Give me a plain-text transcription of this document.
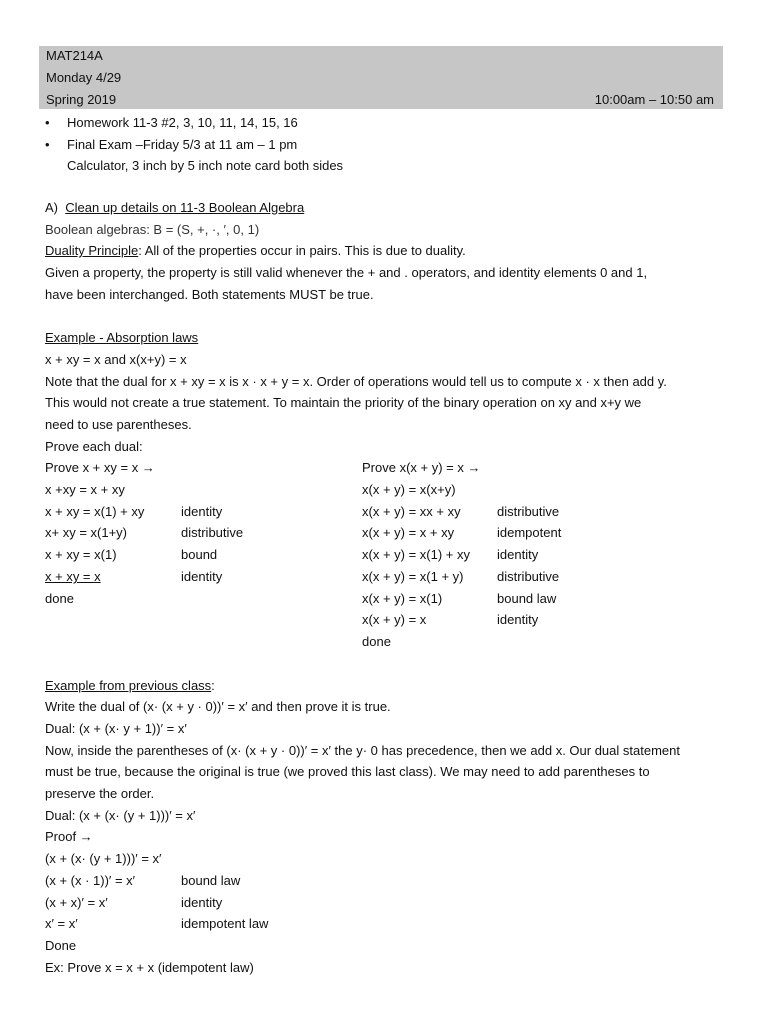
MAT214A
Monday 4/29
Spring 2019	10:00am – 10:50 am
• Homework 11-3 #2, 3, 10, 11, 14, 15, 16
• Final Exam –Friday 5/3 at 11 am – 1 pm
Calculator, 3 inch by 5 inch note card both sides
A) Clean up details on 11-3 Boolean Algebra
Boolean algebras: B = (S, +, ·, ′, 0, 1)
Duality Principle: All of the properties occur in pairs. This is due to duality.
Given a property, the property is still valid whenever the + and . operators, and identity elements 0 and 1,
have been interchanged. Both statements MUST be true.
Example - Absorption laws
x + xy = x and x(x+y) = x
Note that the dual for x + xy = x is x · x + y = x. Order of operations would tell us to compute x · x then add y.
This would not create a true statement. To maintain the priority of the binary operation on xy and x+y we
need to use parentheses.
Prove each dual:
Prove x + xy = x →
x +xy = x + xy
x + xy = x(1) + xy	identity
x+ xy = x(1+y)	distributive
x + xy = x(1)	bound
x + xy = x	identity
done
Prove x(x + y) = x →
x(x + y) = x(x+y)
x(x + y) = xx + xy	distributive
x(x + y) = x + xy	idempotent
x(x + y) = x(1) + xy identity
x(x + y) = x(1 + y)	distributive
x(x + y) = x(1)	bound law
x(x + y) = x	identity
done
Example from previous class:
Write the dual of (x· (x + y · 0))′ = x′ and then prove it is true.
Dual: (x + (x· y + 1))′ = x′
Now, inside the parentheses of (x· (x + y · 0))′ = x′ the y· 0 has precedence, then we add x. Our dual statement
must be true, because the original is true (we proved this last class). We may need to add parentheses to
preserve the order.
Dual: (x + (x· (y + 1)))′ = x′
Proof →
(x + (x· (y + 1)))′ = x′
(x + (x · 1))′ = x′	bound law
(x + x)′ = x′	identity
x′ = x′	idempotent law
Done
Ex: Prove x = x + x (idempotent law)
